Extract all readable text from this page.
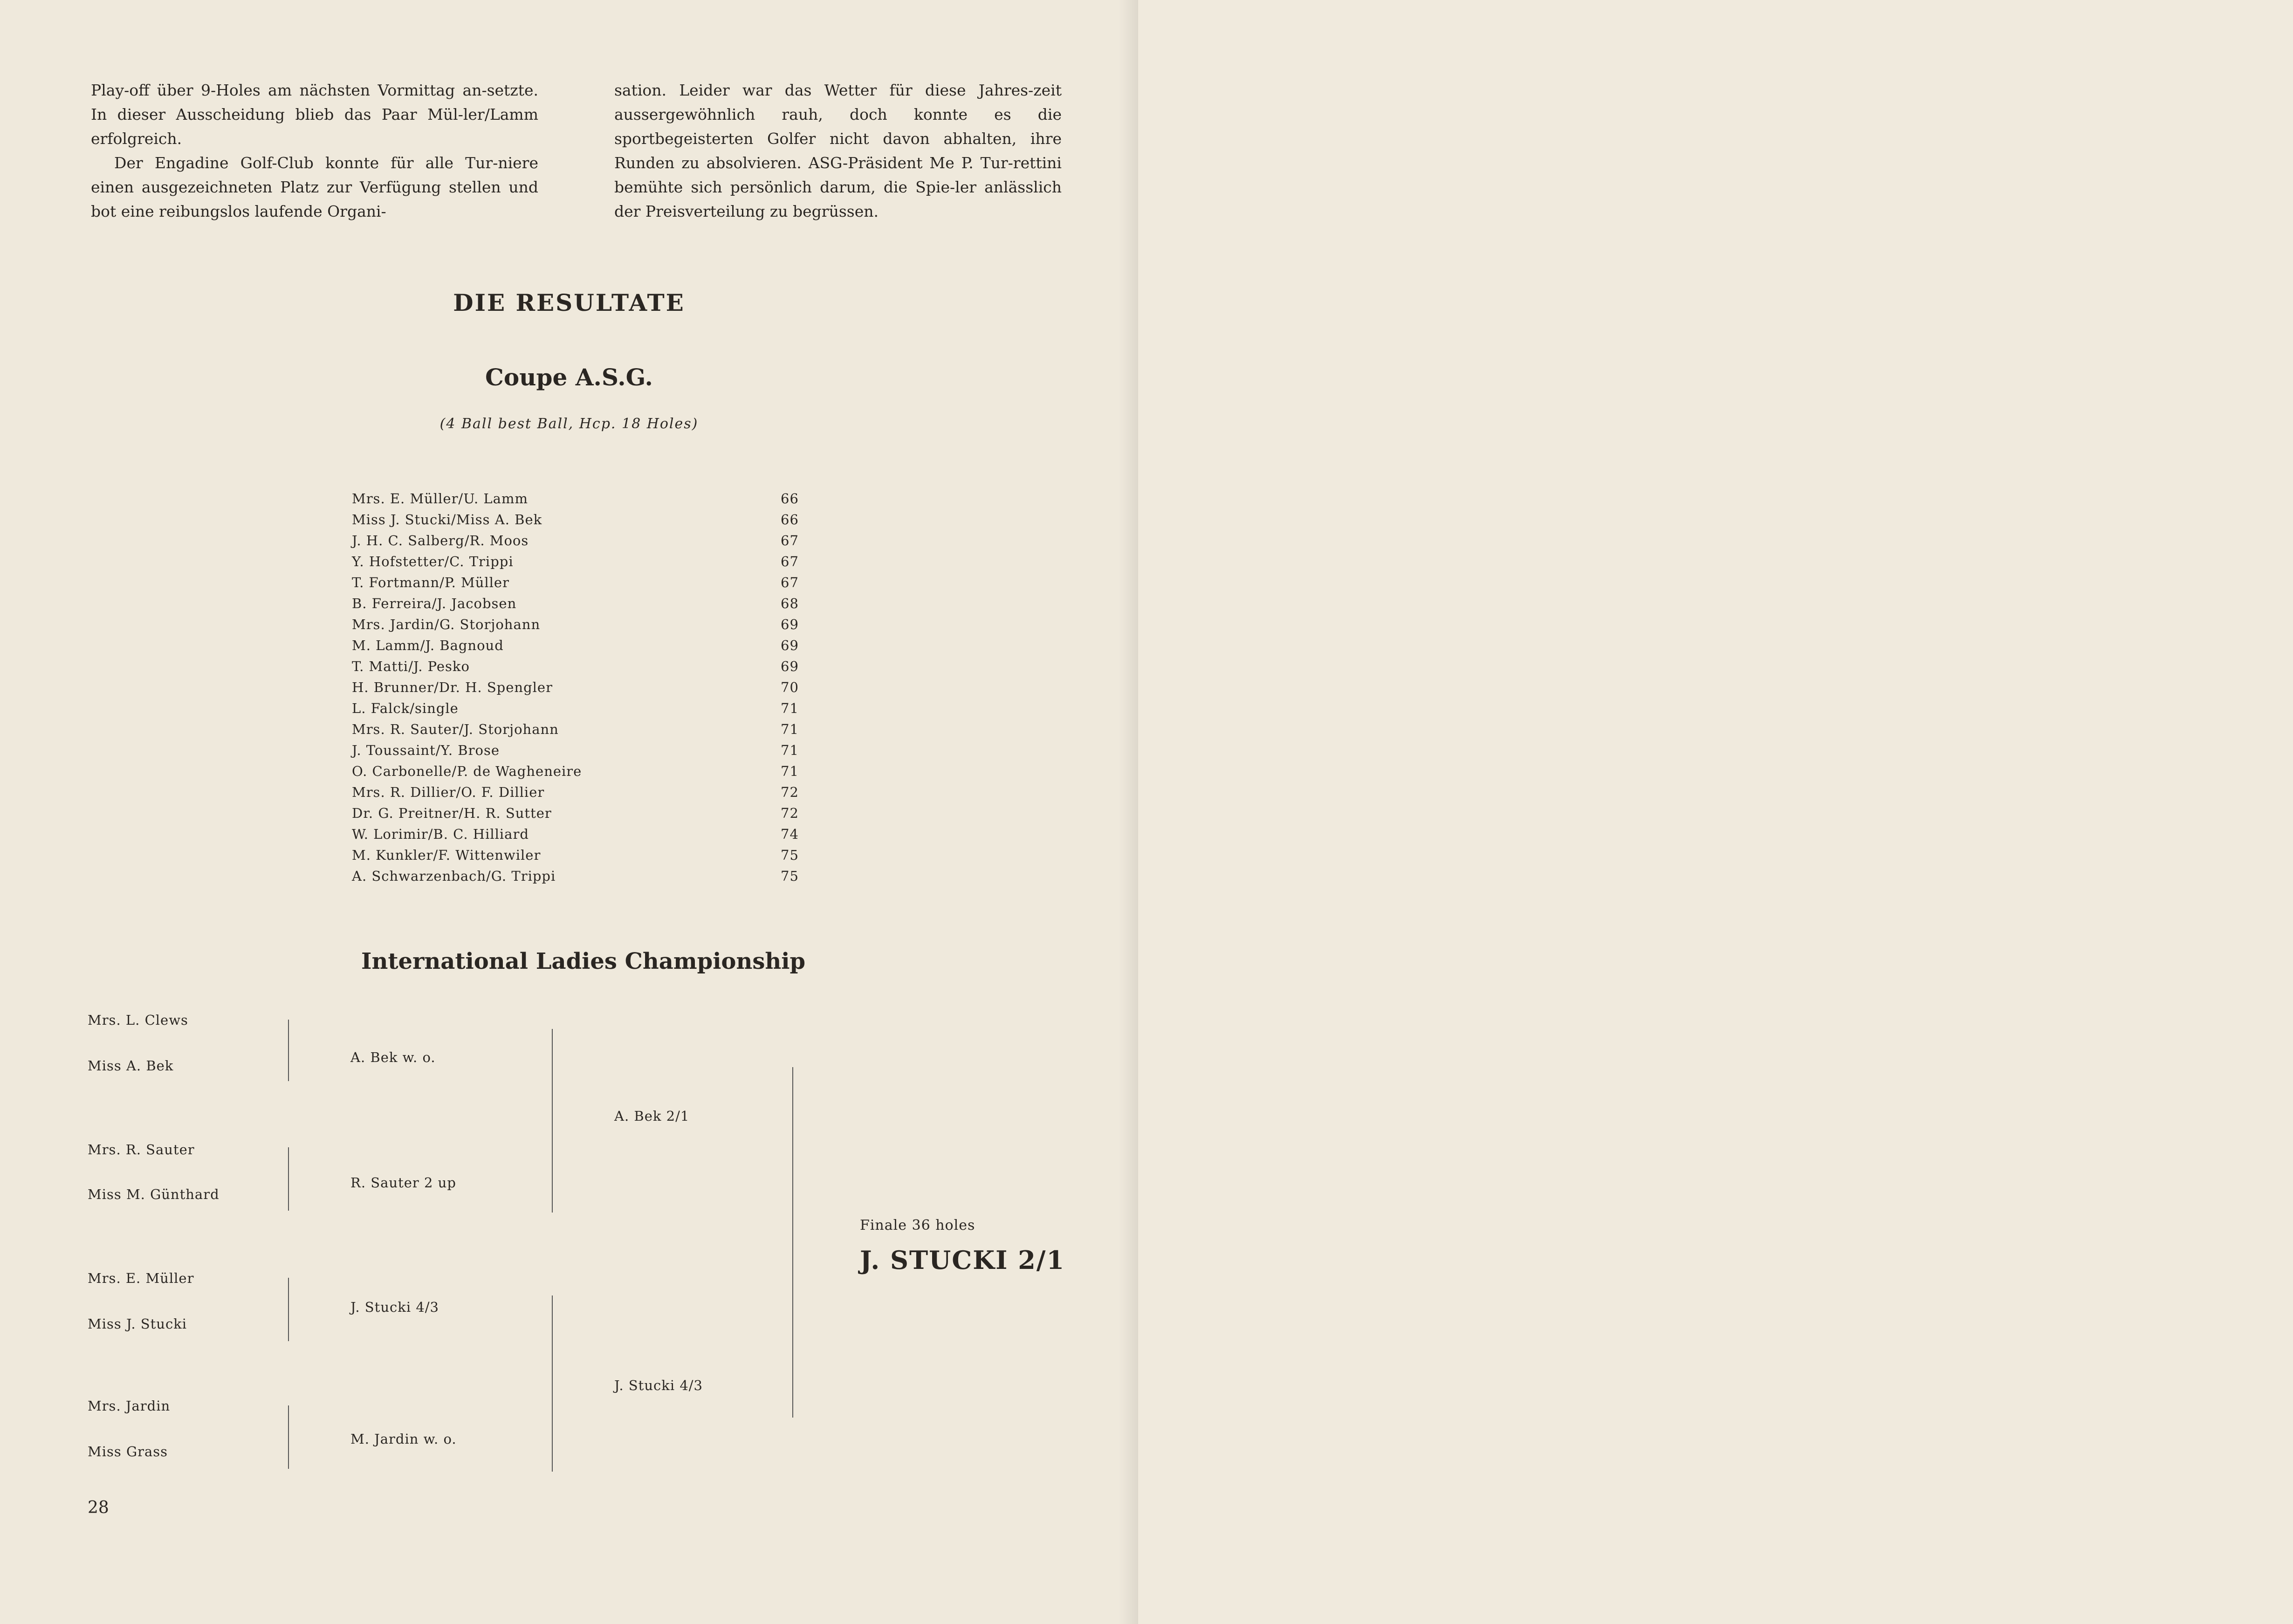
Play-off über 9-Holes am nächsten Vormittag an-setzte. In dieser Ausscheidung blieb das Paar Mül-ler/Lamm erfolgreich.

Der Engadine Golf-Club konnte für alle Tur-niere einen ausgezeichneten Platz zur Verfügung stellen und bot eine reibungslos laufende Organi-

sation. Leider war das Wetter für diese Jahres-zeit aussergewöhnlich rauh, doch konnte es die sportbegeisterten Golfer nicht davon abhalten, ihre Runden zu absolvieren. ASG-Präsident Me P. Tur-rettini bemühte sich persönlich darum, die Spie-ler anlässlich der Preisverteilung zu begrüssen.

DIE RESULTATE
Coupe A.S.G.
(4 Ball best Ball, Hcp. 18 Holes)
Mrs. E. Müller/U. Lamm	66
Miss J. Stucki/Miss A. Bek	66
J. H. C. Salberg/R. Moos	67
Y. Hofstetter/C. Trippi	67
T. Fortmann/P. Müller	67
B. Ferreira/J. Jacobsen	68
Mrs. Jardin/G. Storjohann	69
M. Lamm/J. Bagnoud	69
T. Matti/J. Pesko	69
H. Brunner/Dr. H. Spengler	70
L. Falck/single	71
Mrs. R. Sauter/J. Storjohann	71
J. Toussaint/Y. Brose	71
O. Carbonelle/P. de Wagheneire	71
Mrs. R. Dillier/O. F. Dillier	72
Dr. G. Preitner/H. R. Sutter	72
W. Lorimir/B. C. Hilliard	74
M. Kunkler/F. Wittenwiler	75
A. Schwarzenbach/G. Trippi	75
International Ladies Championship
Mrs. L. Clews
Miss A. Bek
Mrs. R. Sauter
Miss M. Günthard
Mrs. E. Müller
Miss J. Stucki
Mrs. Jardin
Miss Grass
A. Bek w. o.
R. Sauter 2 up
J. Stucki 4/3
M. Jardin w. o.
A. Bek 2/1
J. Stucki 4/3
Finale 36 holes
J. STUCKI 2/1
28
